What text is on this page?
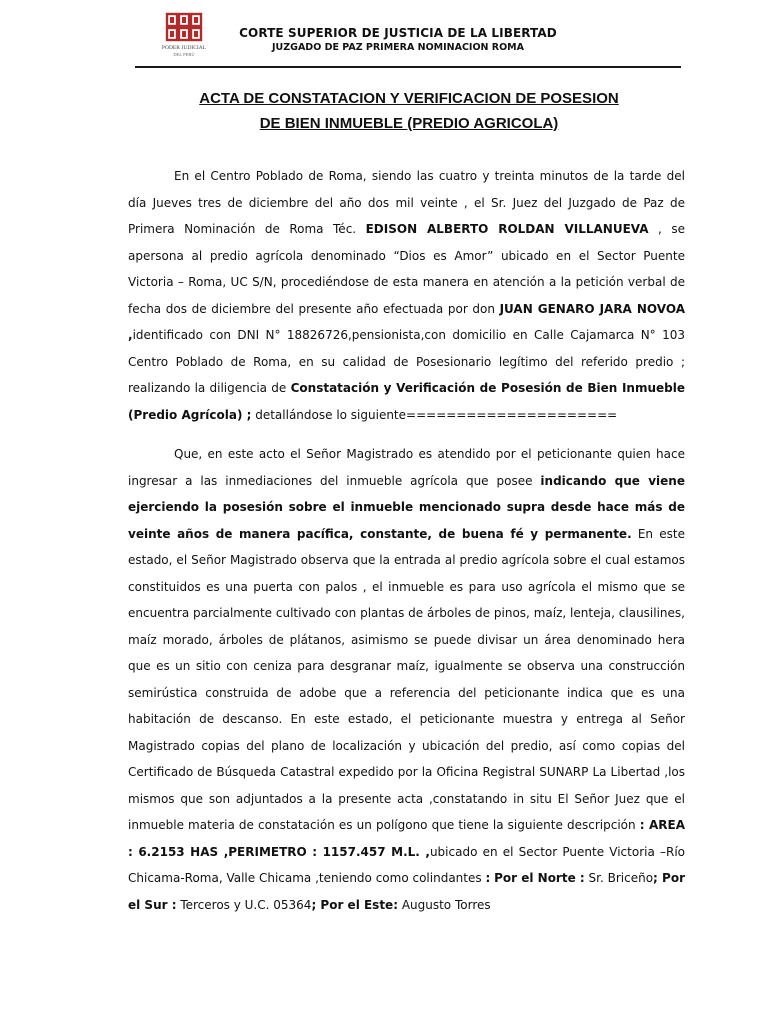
PODER JUDICIAL
DEL PERÚ
CORTE SUPERIOR DE JUSTICIA DE LA LIBERTAD
JUZGADO DE PAZ PRIMERA NOMINACION ROMA
ACTA DE CONSTATACION Y VERIFICACION DE POSESION
DE BIEN INMUEBLE (PREDIO AGRICOLA)

En el Centro Poblado de Roma, siendo las cuatro y treinta minutos de la tarde del día Jueves tres de diciembre del año dos mil veinte , el Sr. Juez del Juzgado de Paz de Primera Nominación de Roma Téc. EDISON ALBERTO ROLDAN VILLANUEVA , se apersona al predio agrícola denominado “Dios es Amor” ubicado en el Sector Puente Victoria – Roma, UC S/N, procediéndose de esta manera en atención a la petición verbal de fecha dos de diciembre del presente año efectuada por don JUAN GENARO JARA NOVOA ,identificado con DNI N° 18826726,pensionista,con domicilio en Calle Cajamarca N° 103 Centro Poblado de Roma, en su calidad de Posesionario legítimo del referido predio ; realizando la diligencia de Constatación y Verificación de Posesión de Bien Inmueble (Predio Agrícola) ; detallándose lo siguiente=====================

Que, en este acto el Señor Magistrado es atendido por el peticionante quien hace ingresar a las inmediaciones del inmueble agrícola que posee indicando que viene ejerciendo la posesión sobre el inmueble mencionado supra desde hace más de veinte años de manera pacífica, constante, de buena fé y permanente. En este estado, el Señor Magistrado observa que la entrada al predio agrícola sobre el cual estamos constituidos es una puerta con palos , el inmueble es para uso agrícola el mismo que se encuentra parcialmente cultivado con plantas de árboles de pinos, maíz, lenteja, clausilines, maíz morado, árboles de plátanos, asimismo se puede divisar un área denominado hera que es un sitio con ceniza para desgranar maíz, igualmente se observa una construcción semirústica construida de adobe que a referencia del peticionante indica que es una habitación de descanso. En este estado, el peticionante muestra y entrega al Señor Magistrado copias del plano de localización y ubicación del predio, así como copias del Certificado de Búsqueda Catastral expedido por la Oficina Registral SUNARP La Libertad ,los mismos que son adjuntados a la presente acta ,constatando in situ El Señor Juez que el inmueble materia de constatación es un polígono que tiene la siguiente descripción : AREA : 6.2153 HAS ,PERIMETRO : 1157.457 M.L. ,ubicado en el Sector Puente Victoria –Río Chicama-Roma, Valle Chicama ,teniendo como colindantes : Por el Norte : Sr. Briceño; Por el Sur : Terceros y U.C. 05364; Por el Este: Augusto Torres
